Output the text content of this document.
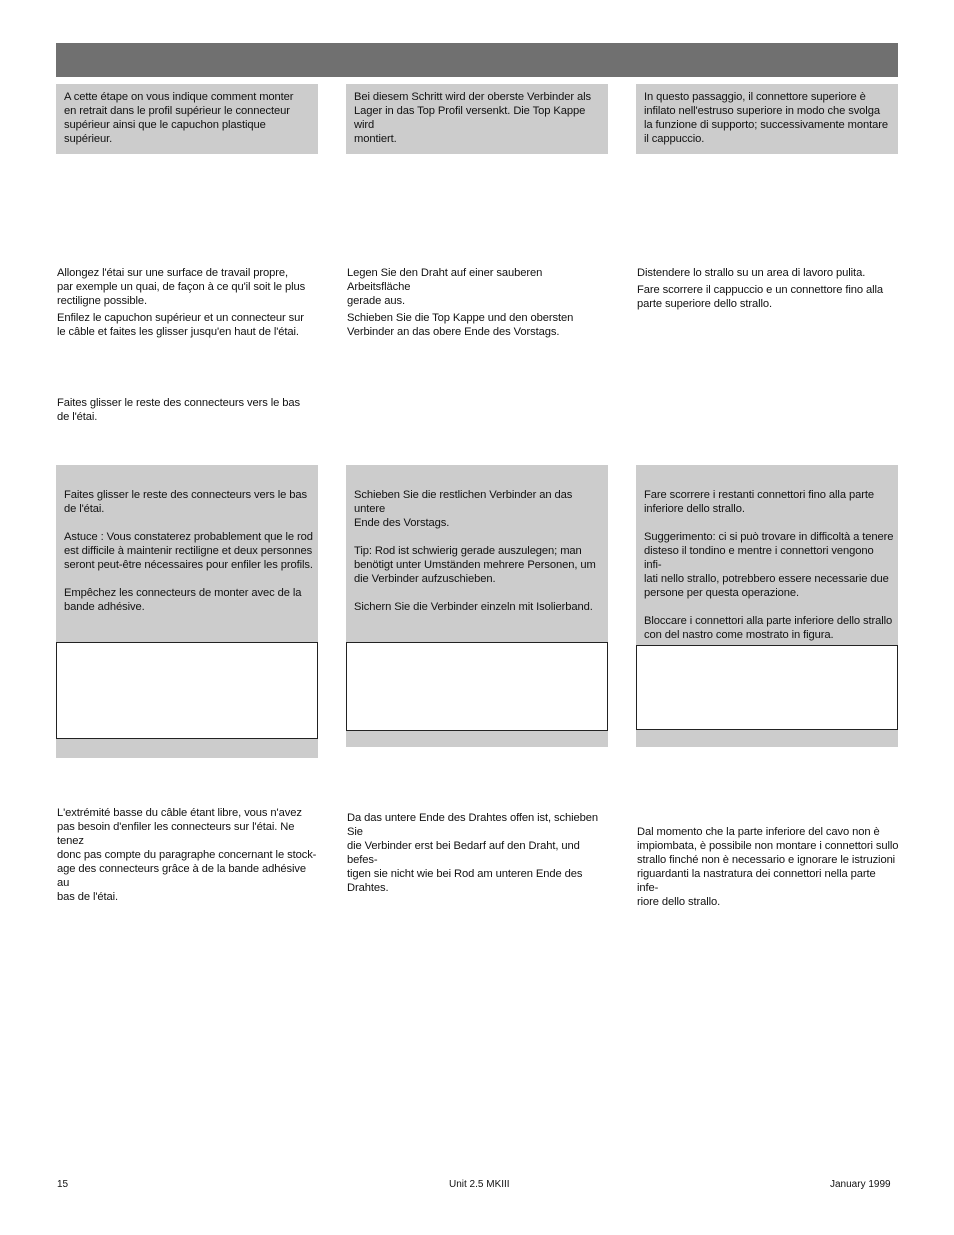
A cette étape on vous indique comment monter
en retrait dans le profil supérieur le connecteur
supérieur ainsi que le capuchon plastique supérieur.

Bei diesem Schritt wird der oberste Verbinder als
Lager in das Top Profil versenkt. Die Top Kappe wird
montiert.

In questo passaggio, il connettore superiore è
infilato nell'estruso superiore in modo che svolga
la funzione di supporto; successivamente montare
il cappuccio.

Allongez l'étai sur une surface de travail propre,
par exemple un quai, de façon à ce qu'il soit le plus
rectiligne possible.

Enfilez le capuchon supérieur et un connecteur sur
le câble et faites les glisser jusqu'en haut de l'étai.

Legen Sie den Draht auf einer sauberen Arbeitsfläche
gerade aus.

Schieben Sie die Top Kappe und den obersten
Verbinder an das obere Ende des Vorstags.

Distendere lo strallo su un area di lavoro pulita.

Fare scorrere il cappuccio e un connettore fino alla
parte superiore dello strallo.

Faites glisser le reste des connecteurs vers le bas
de l'étai.

Faites glisser le reste des connecteurs vers le bas
de l'étai.

Astuce : Vous constaterez probablement que le rod
est difficile à maintenir rectiligne et deux personnes
seront peut-être nécessaires pour enfiler les profils.

Empêchez les connecteurs de monter avec de la
bande adhésive.

Schieben Sie die restlichen Verbinder an das untere
Ende des Vorstags.

Tip: Rod ist schwierig gerade auszulegen; man
benötigt unter Umständen mehrere Personen, um
die Verbinder aufzuschieben.

Sichern Sie die Verbinder einzeln mit Isolierband.

Fare scorrere i restanti connettori fino alla parte
inferiore dello strallo.

Suggerimento: ci si può trovare in difficoltà a tenere
disteso il tondino e mentre i connettori vengono infi-
lati nello strallo, potrebbero essere necessarie due
persone per questa operazione.

Bloccare i connettori alla parte inferiore dello strallo
con del nastro come mostrato in figura.

L'extrémité basse du câble étant libre, vous n'avez
pas besoin d'enfiler les connecteurs sur l'étai. Ne tenez
donc pas compte du paragraphe concernant le stock-
age des connecteurs grâce à de la bande adhésive au
bas de l'étai.

Da das untere Ende des Drahtes offen ist, schieben Sie
die Verbinder erst bei Bedarf auf den Draht, und befes-
tigen sie nicht wie bei Rod am unteren Ende des
Drahtes.

Dal momento che la parte inferiore del cavo non è
impiombata, è possibile non montare i connettori sullo
strallo finché non è necessario e ignorare le istruzioni
riguardanti la nastratura dei connettori nella parte infe-
riore dello strallo.

15	Unit 2.5 MKIII	January 1999
